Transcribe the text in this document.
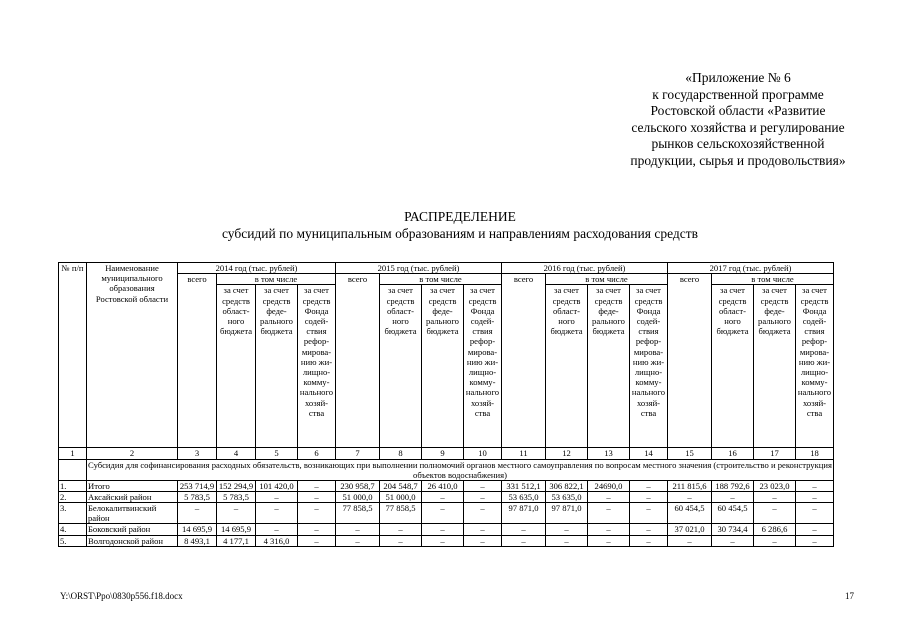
«Приложение № 6
к государственной программе
Ростовской области «Развитие
сельского хозяйства и регулирование
рынков сельскохозяйственной
продукции, сырья и продовольствия»
РАСПРЕДЕЛЕНИЕ
субсидий по муниципальным образованиям и направлениям расходования средств
№ п/п	Наименование муниципального образования Ростовской области	2014 год (тыс. рублей)				2015 год (тыс. рублей)				2016 год (тыс. рублей)				2017 год (тыс. рублей)			
		всего	в том числе			всего	в том числе			всего	в том числе			всего	в том числе		
			за счет средств област-ного бюджета	за счет средств феде-рального бюджета	за счет средств Фонда содей-ствия рефор-мирова-нию жи-лищно-комму-нального хозяй-ства		за счет средств област-ного бюджета	за счет средств феде-рального бюджета	за счет средств Фонда содей-ствия рефор-мирова-нию жи-лищно-комму-нального хозяй-ства		за счет средств област-ного бюджета	за счет средств феде-рального бюджета	за счет средств Фонда содей-ствия рефор-мирова-нию жи-лищно-комму-нального хозяй-ства		за счет средств област-ного бюджета	за счет средств феде-рального бюджета	за счет средств Фонда содей-ствия рефор-мирова-нию жи-лищно-комму-нального хозяй-ства
1	2	3	4	5	6	7	8	9	10	11	12	13	14	15	16	17	18
	Субсидия для софинансирования расходных обязательств, возникающих при выполнении полномочий органов местного самоуправления по вопросам местного значения (строительство и реконструкция объектов водоснабжения)																
1.	Итого	253 714,9	152 294,9	101 420,0	–	230 958,7	204 548,7	26 410,0	–	331 512,1	306 822,1	24690,0	–	211 815,6	188 792,6	23 023,0	–
2.	Аксайский район	5 783,5	5 783,5	–	–	51 000,0	51 000,0	–	–	53 635,0	53 635,0	–	–	–	–	–	–
3.	Белокалитвинский район	–	–	–	–	77 858,5	77 858,5	–	–	97 871,0	97 871,0	–	–	60 454,5	60 454,5	–	–
4.	Боковский район	14 695,9	14 695,9	–	–	–	–	–	–	–	–	–	–	37 021,0	30 734,4	6 286,6	–
5.	Волгодонской район	8 493,1	4 177,1	4 316,0	–	–	–	–	–	–	–	–	–	–	–	–	–
Y:\ORST\Ppo\0830p556.f18.docx	17
